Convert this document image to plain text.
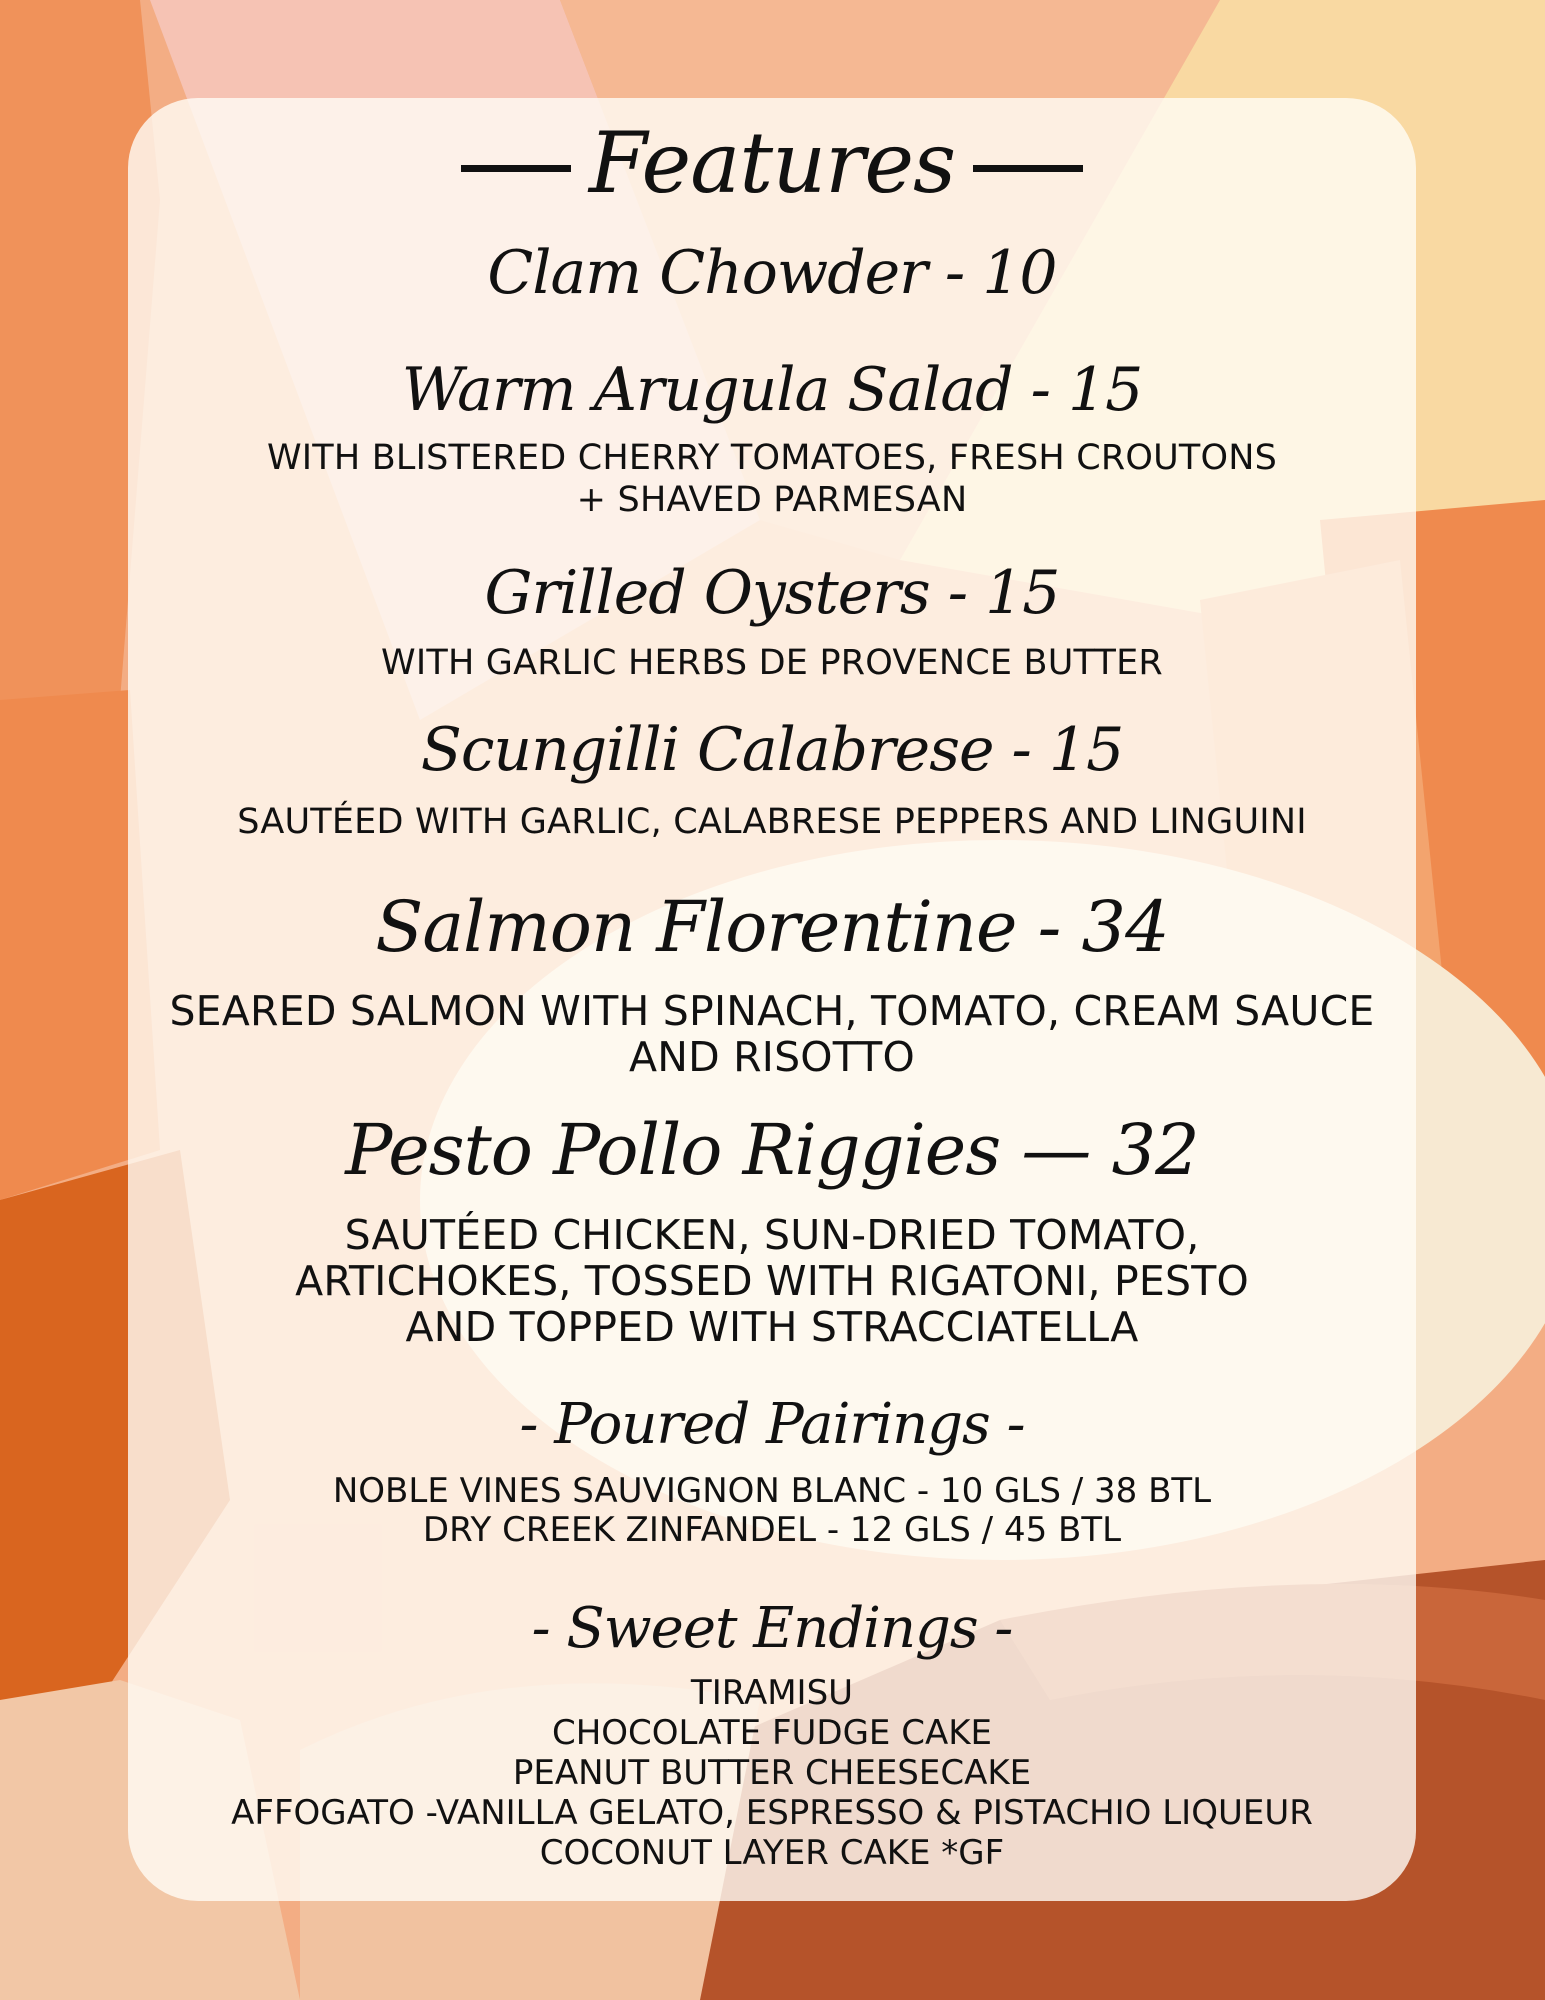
Features
Clam Chowder - 10
Warm Arugula Salad - 15
WITH BLISTERED CHERRY TOMATOES, FRESH CROUTONS + SHAVED PARMESAN
Grilled Oysters - 15
WITH GARLIC HERBS DE PROVENCE BUTTER
Scungilli Calabrese - 15
SAUTÉED WITH GARLIC, CALABRESE PEPPERS AND LINGUINI
Salmon Florentine - 34
SEARED SALMON WITH SPINACH, TOMATO, CREAM SAUCE AND RISOTTO
Pesto Pollo Riggies — 32
SAUTÉED CHICKEN, SUN-DRIED TOMATO, ARTICHOKES, TOSSED WITH RIGATONI, PESTO AND TOPPED WITH STRACCIATELLA
- Poured Pairings -
NOBLE VINES SAUVIGNON BLANC - 10 GLS / 38 BTL
DRY CREEK ZINFANDEL - 12 GLS / 45 BTL
- Sweet Endings -
TIRAMISU
CHOCOLATE FUDGE CAKE
PEANUT BUTTER CHEESECAKE
AFFOGATO -VANILLA GELATO, ESPRESSO & PISTACHIO LIQUEUR
COCONUT LAYER CAKE *GF
